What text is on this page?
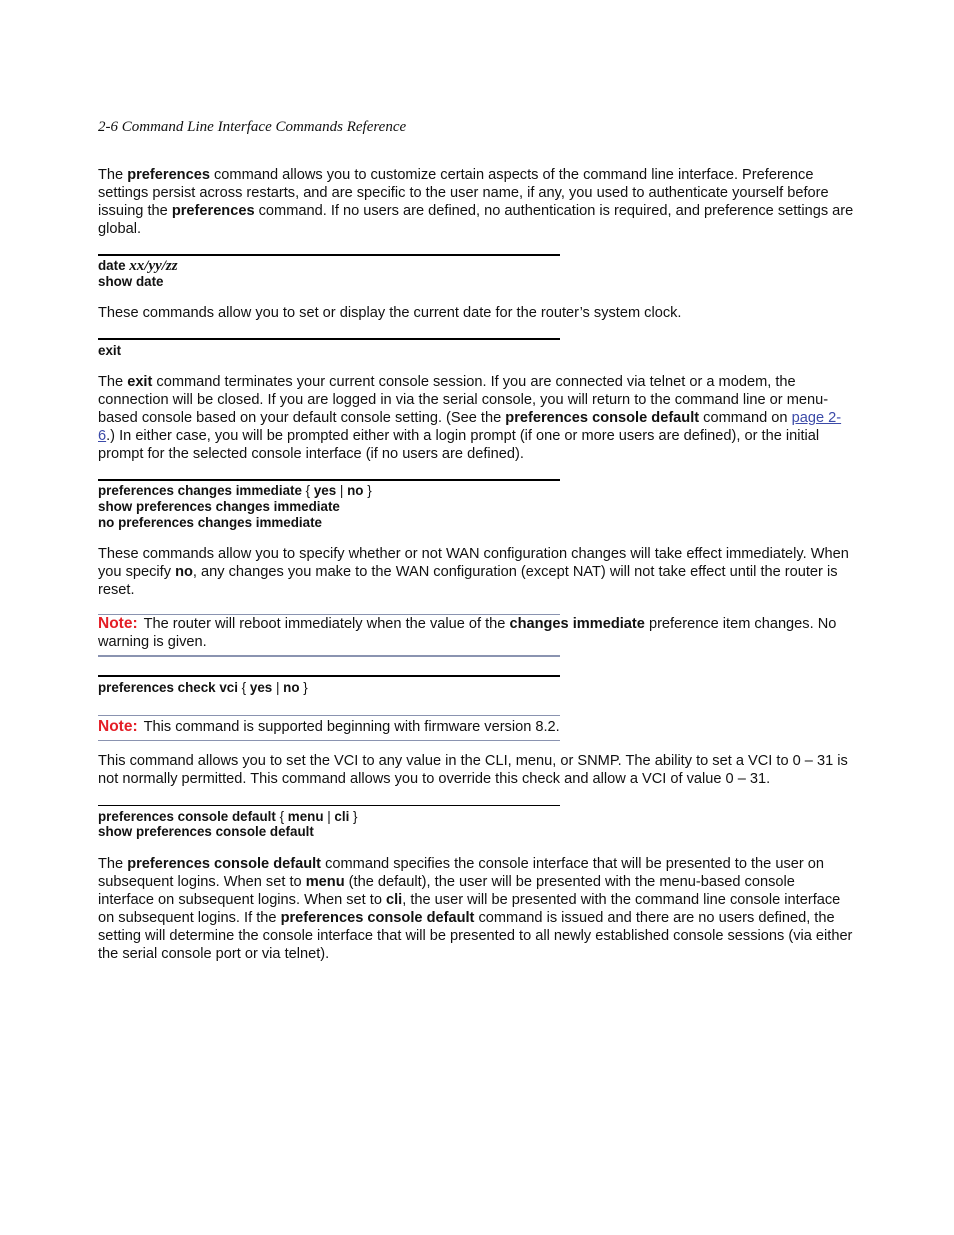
2-6 Command Line Interface Commands Reference

The preferences command allows you to customize certain aspects of the command line interface. Preference settings persist across restarts, and are specific to the user name, if any, you used to authenticate yourself before issuing the preferences command. If no users are defined, no authentication is required, and preference settings are global.

date xx/yy/zz
show date

These commands allow you to set or display the current date for the router’s system clock.

exit

The exit command terminates your current console session. If you are connected via telnet or a modem, the connection will be closed. If you are logged in via the serial console, you will return to the command line or menu-based console based on your default console setting. (See the preferences console default command on page 2-6.) In either case, you will be prompted either with a login prompt (if one or more users are defined), or the initial prompt for the selected console interface (if no users are defined).

preferences changes immediate { yes | no }
show preferences changes immediate
no preferences changes immediate

These commands allow you to specify whether or not WAN configuration changes will take effect immediately. When you specify no, any changes you make to the WAN configuration (except NAT) will not take effect until the router is reset.

Note: The router will reboot immediately when the value of the changes immediate preference item changes. No warning is given.

preferences check vci { yes | no }

Note: This command is supported beginning with firmware version 8.2.

This command allows you to set the VCI to any value in the CLI, menu, or SNMP. The ability to set a VCI to 0 – 31 is not normally permitted. This command allows you to override this check and allow a VCI of value 0 – 31.

preferences console default { menu | cli }
show preferences console default

The preferences console default command specifies the console interface that will be presented to the user on subsequent logins. When set to menu (the default), the user will be presented with the menu-based console interface on subsequent logins. When set to cli, the user will be presented with the command line console interface on subsequent logins. If the preferences console default command is issued and there are no users defined, the setting will determine the console interface that will be presented to all newly established console sessions (via either the serial console port or via telnet).
